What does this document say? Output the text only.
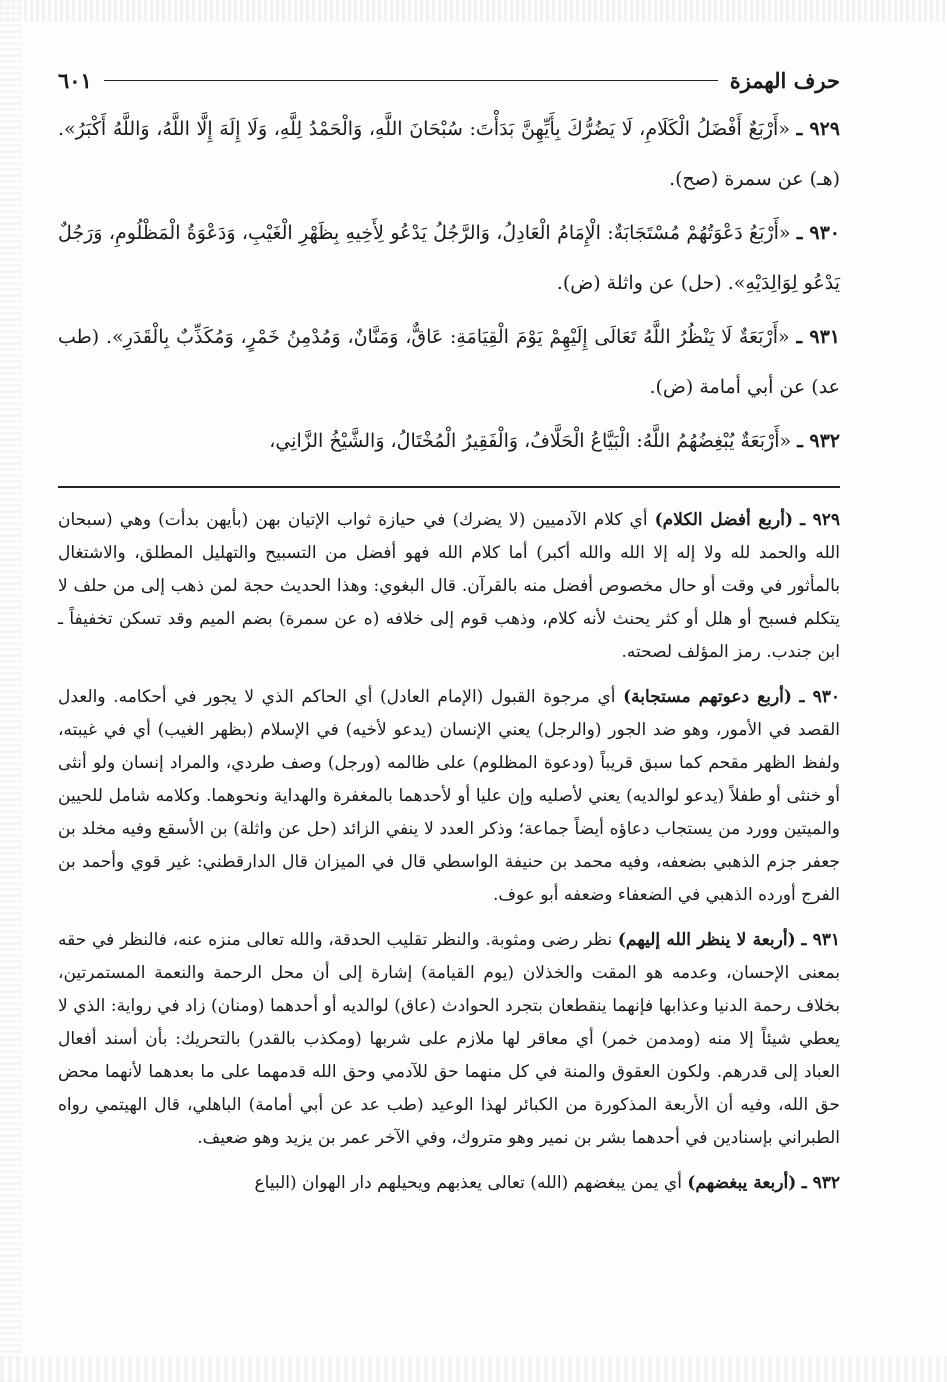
حرف الهمزة
٦٠١

٩٢٩ ـ «أَرْبَعٌ أَفْضَلُ الْكَلَامِ، لَا يَضُرُّكَ بِأَيِّهِنَّ بَدَأْتَ: سُبْحَانَ اللَّهِ، وَالْحَمْدُ لِلَّهِ، وَلَا إِلَهَ إِلَّا اللَّهُ، وَاللَّهُ أَكْبَرُ». (هـ) عن سمرة (صح).

٩٣٠ ـ «أَرْبَعُ دَعْوَتُهُمْ مُسْتَجَابَةٌ: الْإِمَامُ الْعَادِلُ، وَالرَّجُلُ يَدْعُو لِأَخِيهِ بِظَهْرِ الْغَيْبِ، وَدَعْوَةُ الْمَظْلُومِ، وَرَجُلٌ يَدْعُو لِوَالِدَيْهِ». (حل) عن واثلة (ض).

٩٣١ ـ «أَرْبَعَةٌ لَا يَنْظُرُ اللَّهُ تَعَالَى إِلَيْهِمْ يَوْمَ الْقِيَامَةِ: عَاقٌّ، وَمَنَّانٌ، وَمُدْمِنُ خَمْرٍ، وَمُكَذِّبٌ بِالْقَدَرِ». (طب عد) عن أبي أمامة (ض).

٩٣٢ ـ «أَرْبَعَةٌ يُبْغِضُهُمُ اللَّهُ: الْبَيَّاعُ الْحَلَّافُ، وَالْفَقِيرُ الْمُخْتَالُ، وَالشَّيْخُ الزَّانِي،

٩٢٩ ـ (أربع أفضل الكلام) أي كلام الآدميين (لا يضرك) في حيازة ثواب الإتيان بهن (بأيهن بدأت) وهي (سبحان الله والحمد لله ولا إله إلا الله والله أكبر) أما كلام الله فهو أفضل من التسبيح والتهليل المطلق، والاشتغال بالمأثور في وقت أو حال مخصوص أفضل منه بالقرآن. قال البغوي: وهذا الحديث حجة لمن ذهب إلى من حلف لا يتكلم فسبح أو هلل أو كثر يحنث لأنه كلام، وذهب قوم إلى خلافه (ه عن سمرة) بضم الميم وقد تسكن تخفيفاً ـ ابن جندب. رمز المؤلف لصحته.

٩٣٠ ـ (أربع دعوتهم مستجابة) أي مرجوة القبول (الإمام العادل) أي الحاكم الذي لا يجور في أحكامه. والعدل القصد في الأمور، وهو ضد الجور (والرجل) يعني الإنسان (يدعو لأخيه) في الإسلام (بظهر الغيب) أي في غيبته، ولفظ الظهر مقحم كما سبق قريباً (ودعوة المظلوم) على ظالمه (ورجل) وصف طردي، والمراد إنسان ولو أنثى أو خنثى أو طفلاً (يدعو لوالديه) يعني لأصليه وإن عليا أو لأحدهما بالمغفرة والهداية ونحوهما. وكلامه شامل للحيين والميتين وورد من يستجاب دعاؤه أيضاً جماعة؛ وذكر العدد لا ينفي الزائد (حل عن واثلة) بن الأسقع وفيه مخلد بن جعفر جزم الذهبي بضعفه، وفيه محمد بن حنيفة الواسطي قال في الميزان قال الدارقطني: غير قوي وأحمد بن الفرج أورده الذهبي في الضعفاء وضعفه أبو عوف.

٩٣١ ـ (أربعة لا ينظر الله إليهم) نظر رضى ومثوبة. والنظر تقليب الحدقة، والله تعالى منزه عنه، فالنظر في حقه بمعنى الإحسان، وعدمه هو المقت والخذلان (يوم القيامة) إشارة إلى أن محل الرحمة والنعمة المستمرتين، بخلاف رحمة الدنيا وعذابها فإنهما ينقطعان بتجرد الحوادث (عاق) لوالديه أو أحدهما (ومنان) زاد في رواية: الذي لا يعطي شيئاً إلا منه (ومدمن خمر) أي معاقر لها ملازم على شربها (ومكذب بالقدر) بالتحريك: بأن أسند أفعال العباد إلى قدرهم. ولكون العقوق والمنة في كل منهما حق للآدمي وحق الله قدمهما على ما بعدهما لأنهما محض حق الله، وفيه أن الأربعة المذكورة من الكبائر لهذا الوعيد (طب عد عن أبي أمامة) الباهلي، قال الهيتمي رواه الطبراني بإسنادين في أحدهما بشر بن نمير وهو متروك، وفي الآخر عمر بن يزيد وهو ضعيف.

٩٣٢ ـ (أربعة يبغضهم) أي يمن يبغضهم (الله) تعالى يعذبهم ويحيلهم دار الهوان (البياع
